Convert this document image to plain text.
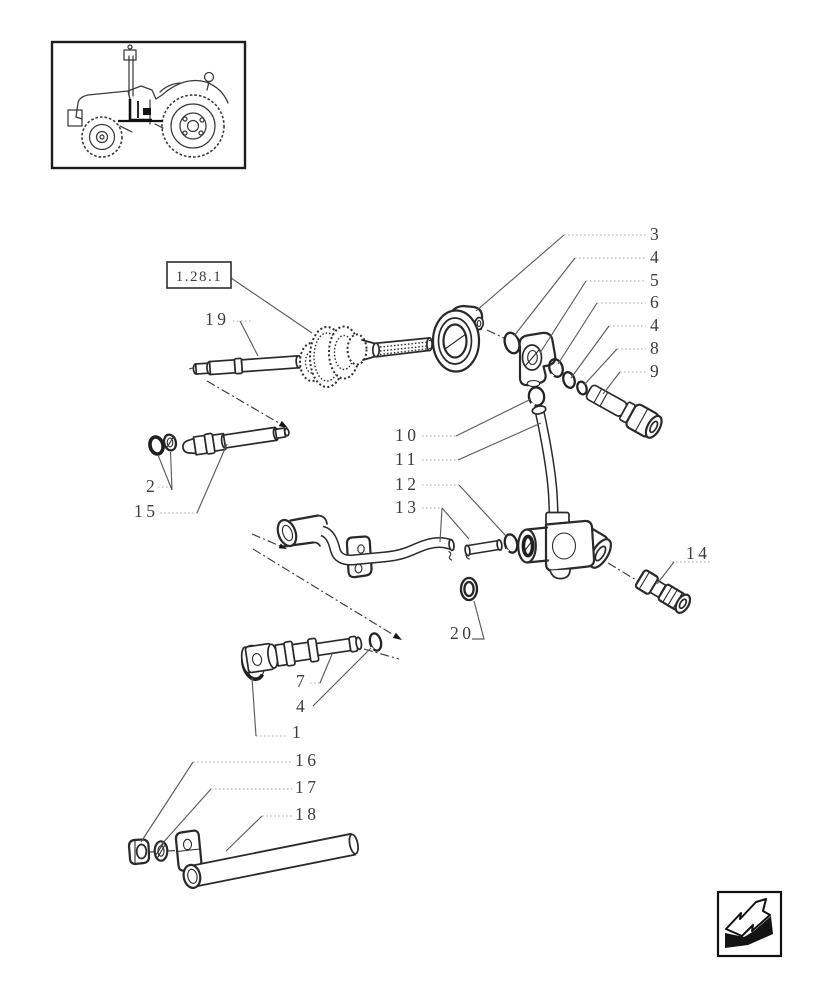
1.28.1
3
4
5
6
4
8
9
19
2
15
10
11
12
13
14
20
7
4
1
16
17
18
